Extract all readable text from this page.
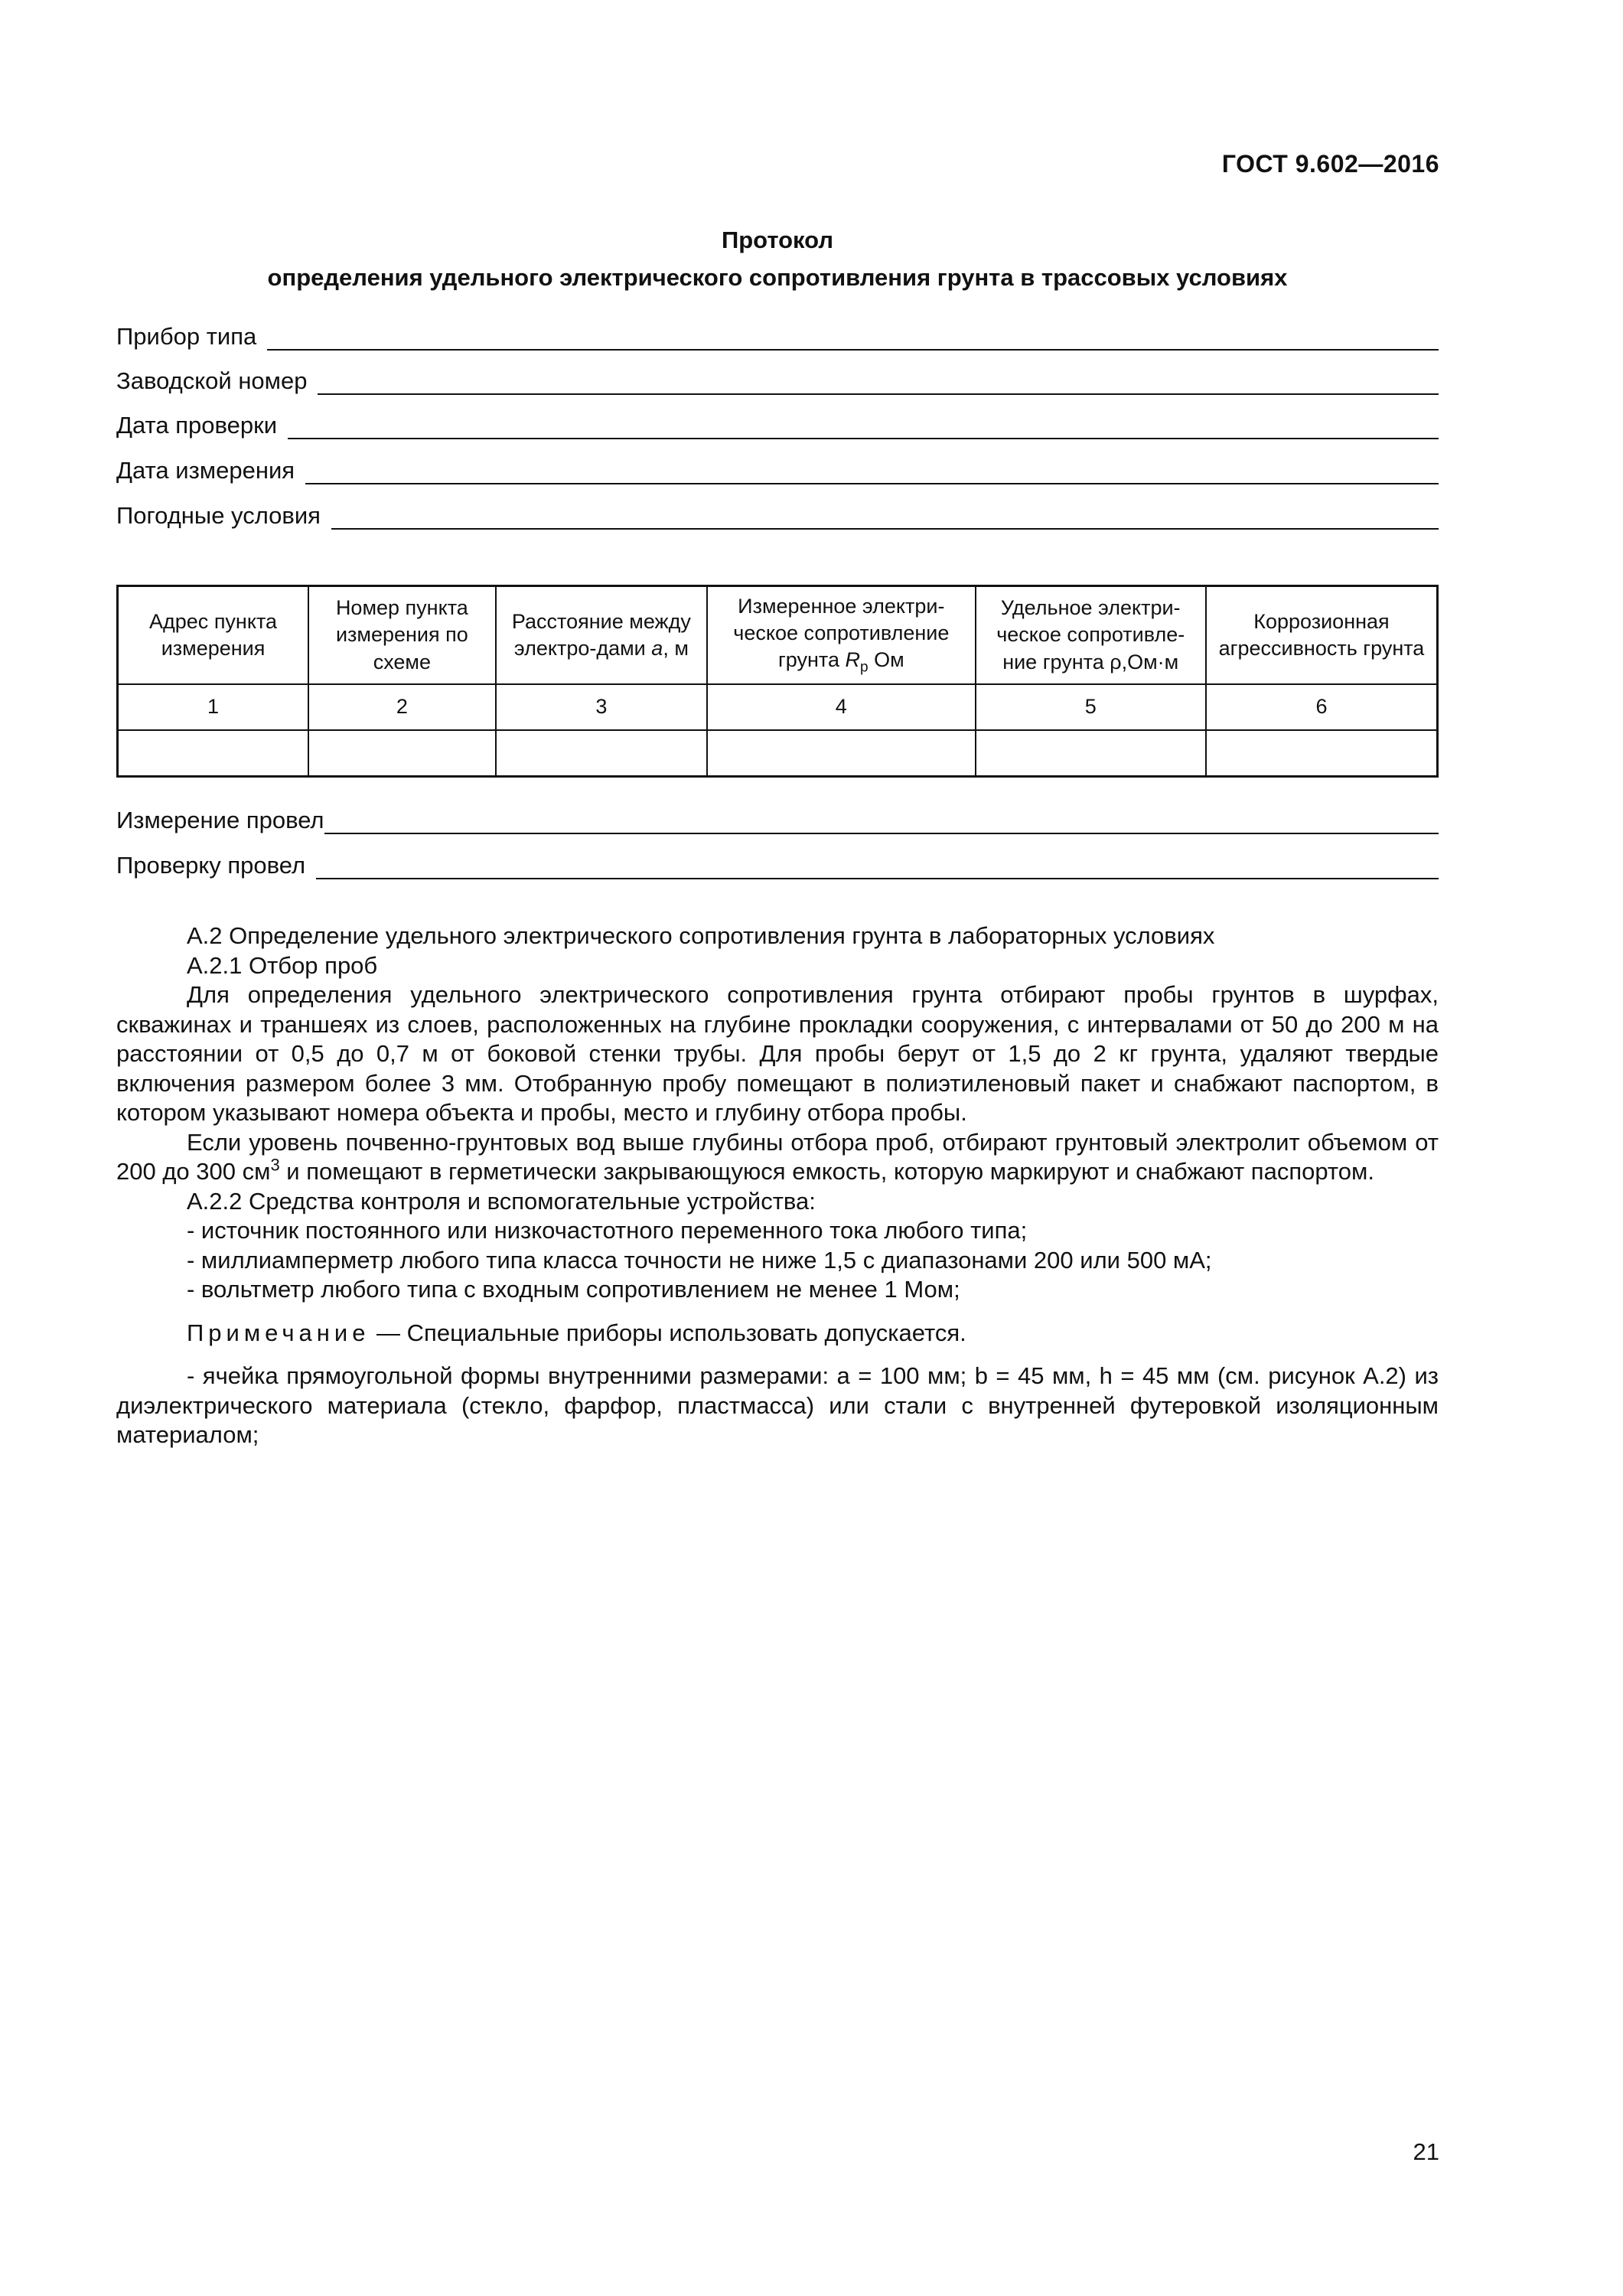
ГОСТ 9.602—2016
Протокол
определения удельного электрического сопротивления грунта в трассовых условиях
Прибор типа
Заводской номер
Дата проверки
Дата измерения
Погодные условия
Адрес пункта измерения	Номер пункта измерения по схеме	Расстояние между электро-дами а, м	Измеренное электри-ческое сопротивление грунта $R_р$ Ом	Удельное электри-ческое сопротивле-ние грунта ρ,Ом·м	Коррозионная агрессивность грунта
1	2	3	4	5	6

Измерение провел
Проверку провел

А.2 Определение удельного электрического сопротивления грунта в лабораторных условиях

А.2.1 Отбор проб

Для определения удельного электрического сопротивления грунта отбирают пробы грунтов в шурфах, скважинах и траншеях из слоев, расположенных на глубине прокладки сооружения, с интервалами от 50 до 200 м на расстоянии от 0,5 до 0,7 м от боковой стенки трубы. Для пробы берут от 1,5 до 2 кг грунта, удаляют твердые включения размером более 3 мм. Отобранную пробу помещают в полиэтиленовый пакет и снабжают паспортом, в котором указывают номера объекта и пробы, место и глубину отбора пробы.

Если уровень почвенно-грунтовых вод выше глубины отбора проб, отбирают грунтовый электролит объемом от 200 до 300 $см^3$ и помещают в герметически закрывающуюся емкость, которую маркируют и снабжают паспортом.

А.2.2 Средства контроля и вспомогательные устройства:

- источник постоянного или низкочастотного переменного тока любого типа;

- миллиамперметр любого типа класса точности не ниже 1,5 с диапазонами 200 или 500 мА;

- вольтметр любого типа с входным сопротивлением не менее 1 Мом;

Примечание — Специальные приборы использовать допускается.

- ячейка прямоугольной формы внутренними размерами: а = 100 мм; b = 45 мм, h = 45 мм (см. рисунок А.2) из диэлектрического материала (стекло, фарфор, пластмасса) или стали с внутренней футеровкой изоляционным материалом;

21
